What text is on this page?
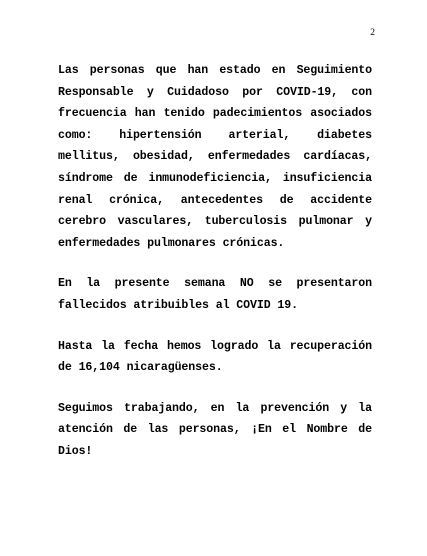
2

Las personas que han estado en Seguimiento Responsable y Cuidadoso por COVID-19, con frecuencia han tenido padecimientos asociados como: hipertensión arterial, diabetes mellitus, obesidad, enfermedades cardíacas, síndrome de inmunodeficiencia, insuficiencia renal crónica, antecedentes de accidente cerebro vasculares, tuberculosis pulmonar y enfermedades pulmonares crónicas.

En la presente semana NO se presentaron fallecidos atribuibles al COVID 19.

Hasta la fecha hemos logrado la recuperación de 16,104 nicaragüenses.

Seguimos trabajando, en la prevención y la atención de las personas, ¡En el Nombre de Dios!
